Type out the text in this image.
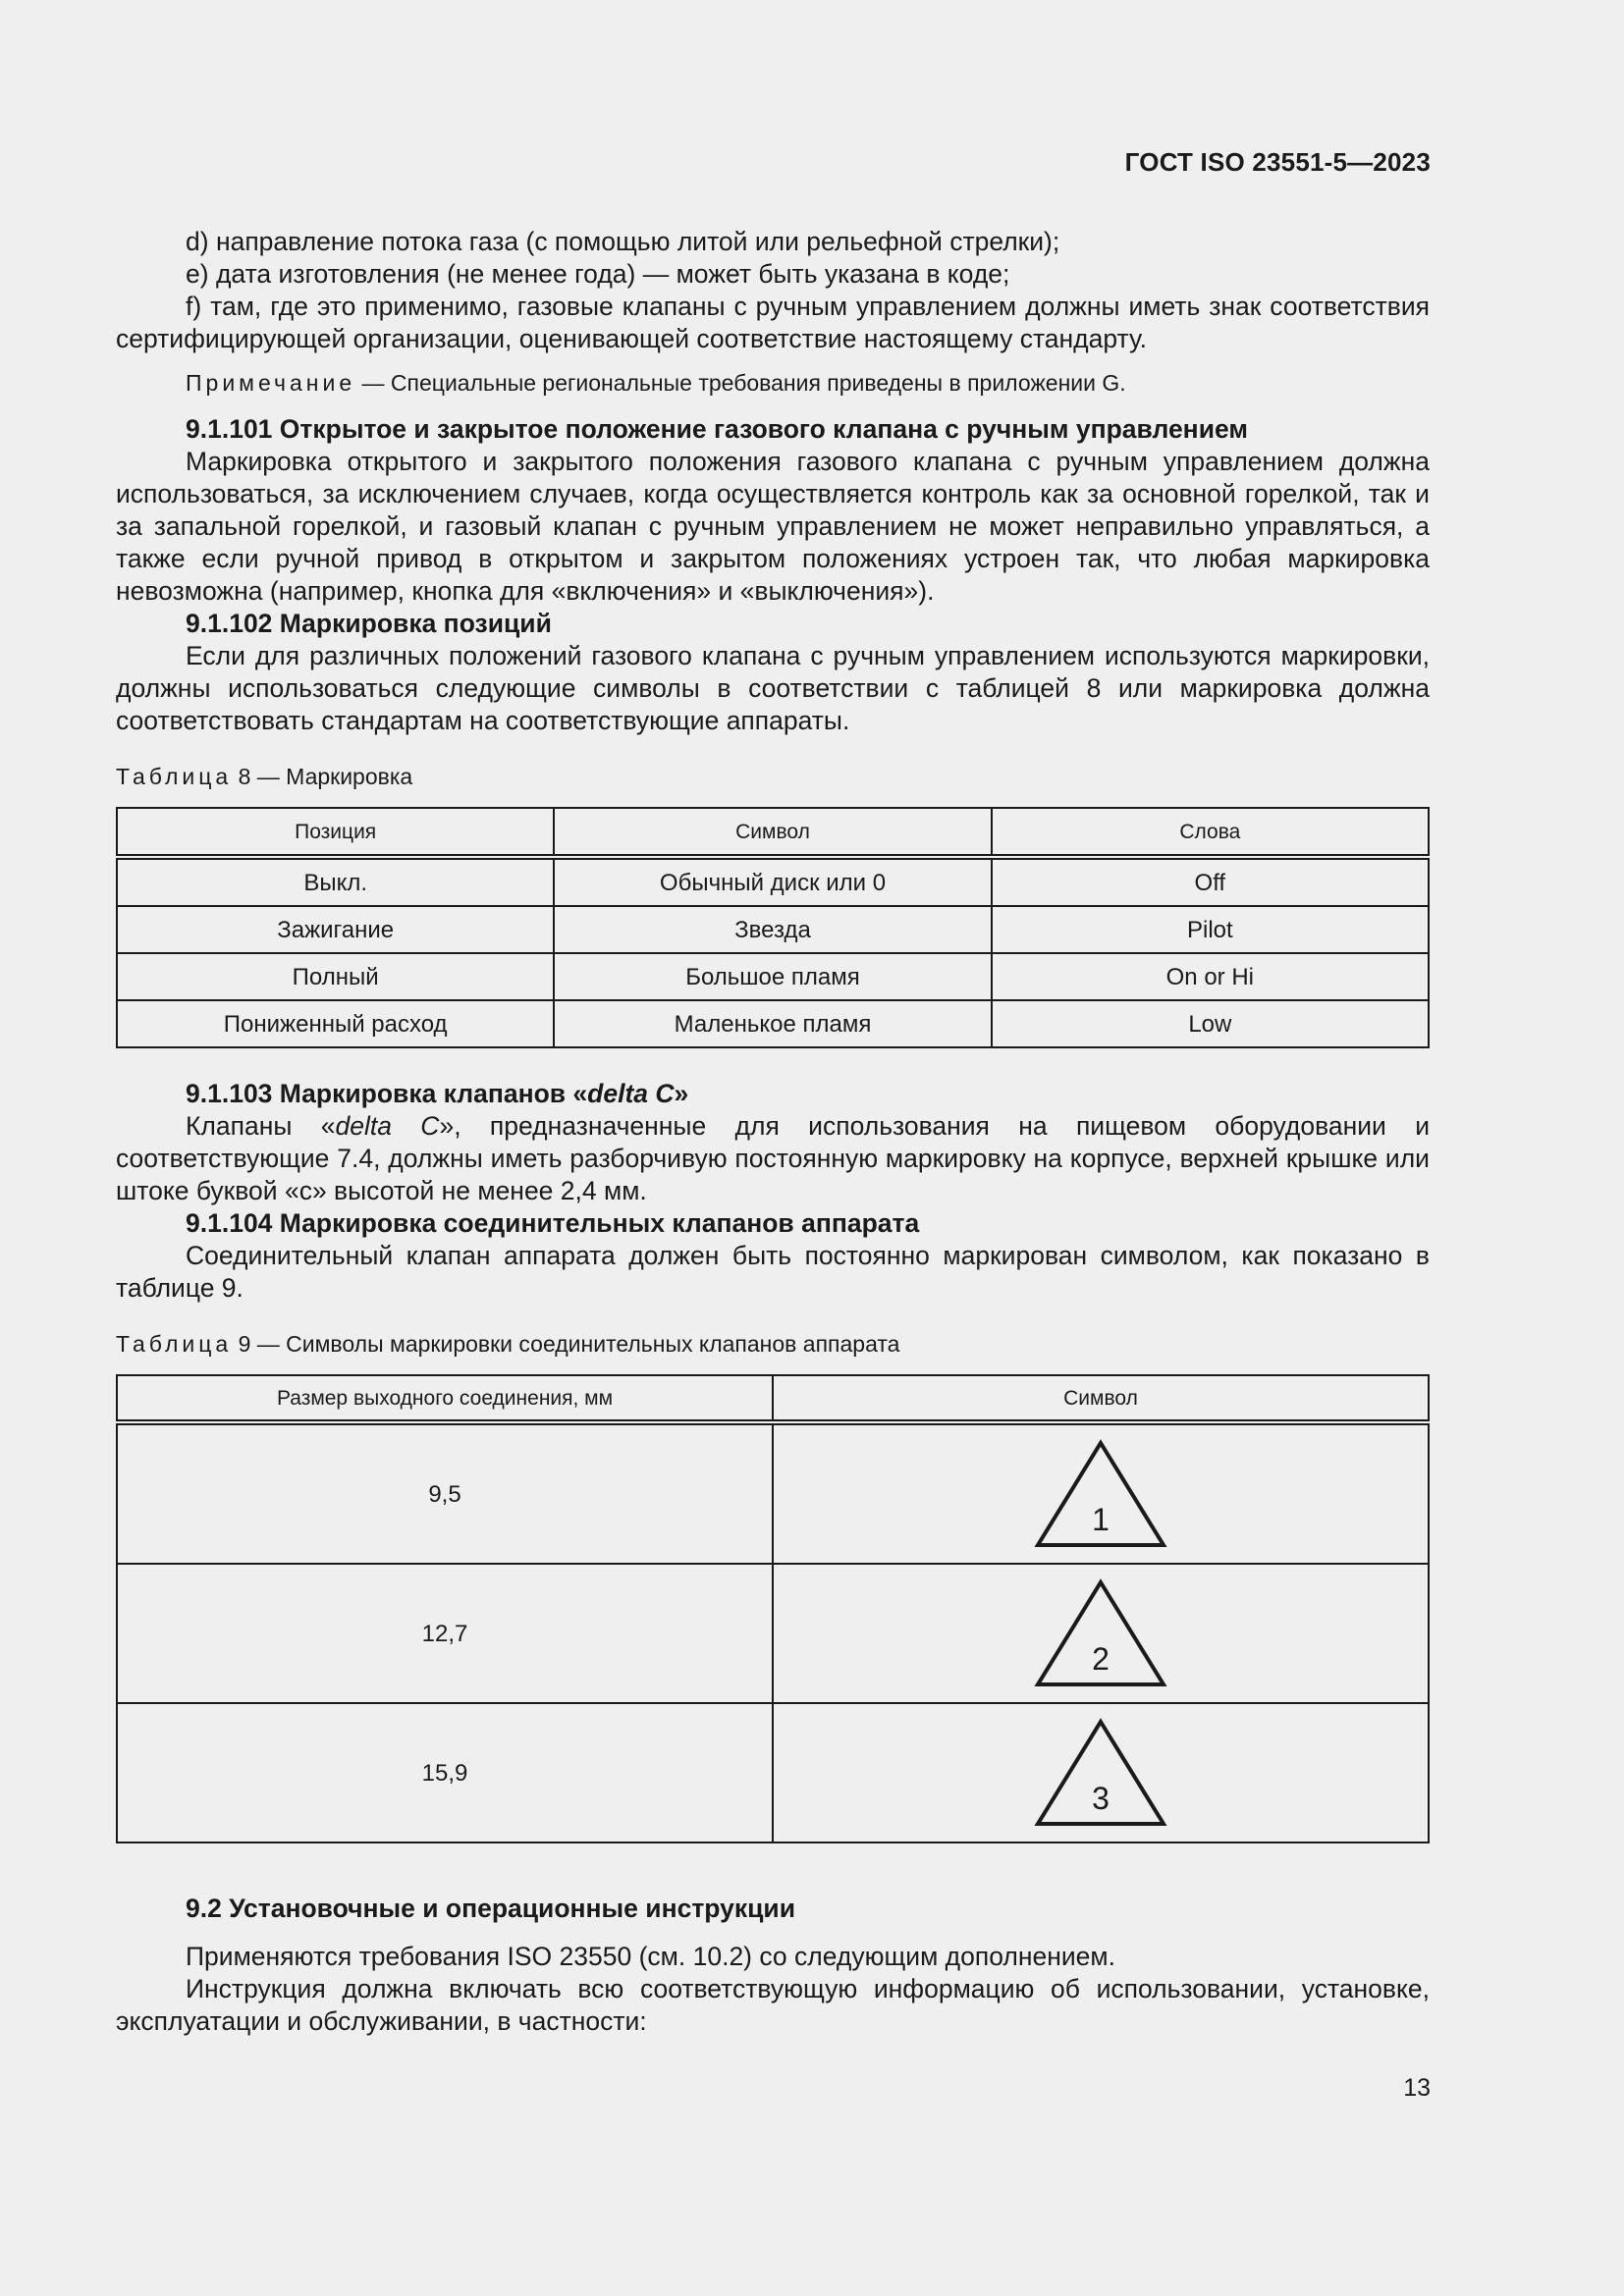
ГОСТ ISO 23551-5—2023

d) направление потока газа (с помощью литой или рельефной стрелки);

е) дата изготовления (не менее года) — может быть указана в коде;

f) там, где это применимо, газовые клапаны с ручным управлением должны иметь знак соответствия сертифицирующей организации, оценивающей соответствие настоящему стандарту.

Примечание — Специальные региональные требования приведены в приложении G.

9.1.101 Открытое и закрытое положение газового клапана с ручным управлением

Маркировка открытого и закрытого положения газового клапана с ручным управлением должна использоваться, за исключением случаев, когда осуществляется контроль как за основной горелкой, так и за запальной горелкой, и газовый клапан с ручным управлением не может неправильно управляться, а также если ручной привод в открытом и закрытом положениях устроен так, что любая маркировка невозможна (например, кнопка для «включения» и «выключения»).

9.1.102 Маркировка позиций

Если для различных положений газового клапана с ручным управлением используются маркировки, должны использоваться следующие символы в соответствии с таблицей 8 или маркировка должна соответствовать стандартам на соответствующие аппараты.

Таблица 8 — Маркировка

Позиция	Символ	Слова
Выкл.	Обычный диск или 0	Off
Зажигание	Звезда	Pilot
Полный	Большое пламя	On or Hi
Пониженный расход	Маленькое пламя	Low

9.1.103 Маркировка клапанов «delta C»

Клапаны «delta C», предназначенные для использования на пищевом оборудовании и соответствующие 7.4, должны иметь разборчивую постоянную маркировку на корпусе, верхней крышке или штоке буквой «с» высотой не менее 2,4 мм.

9.1.104 Маркировка соединительных клапанов аппарата

Соединительный клапан аппарата должен быть постоянно маркирован символом, как показано в таблице 9.

Таблица 9 — Символы маркировки соединительных клапанов аппарата

Размер выходного соединения, мм	Символ
9,5	1

12,7	2

15,9	3

9.2 Установочные и операционные инструкции

Применяются требования ISO 23550 (см. 10.2) со следующим дополнением.

Инструкция должна включать всю соответствующую информацию об использовании, установке, эксплуатации и обслуживании, в частности:

13
